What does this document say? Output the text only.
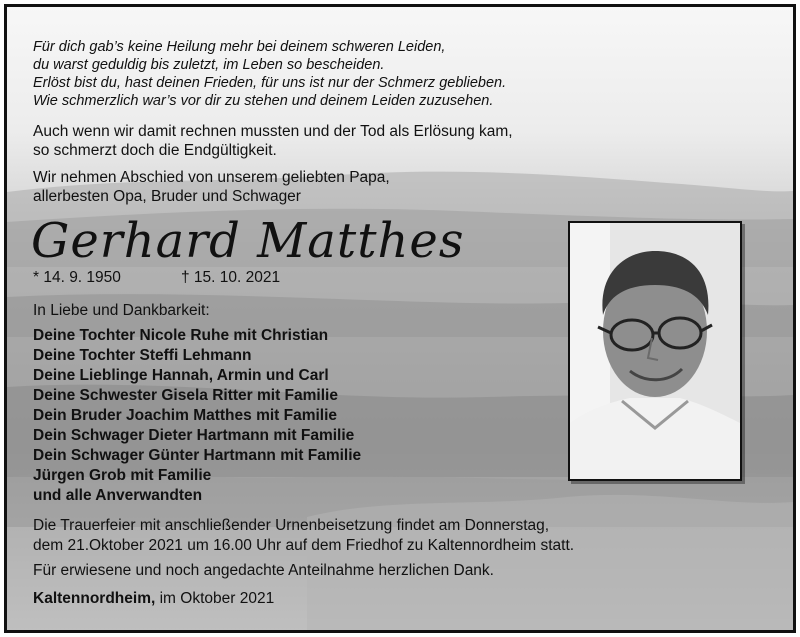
Für dich gab’s keine Heilung mehr bei deinem schweren Leiden,
du warst geduldig bis zuletzt, im Leben so bescheiden.
Erlöst bist du, hast deinen Frieden, für uns ist nur der Schmerz geblieben.
Wie schmerzlich war’s vor dir zu stehen und deinem Leiden zuzusehen.
Auch wenn wir damit rechnen mussten und der Tod als Erlösung kam,
so schmerzt doch die Endgültigkeit.
Wir nehmen Abschied von unserem geliebten Papa,
allerbesten Opa, Bruder und Schwager
Gerhard Matthes
* 14. 9. 1950	† 15. 10. 2021
In Liebe und Dankbarkeit:
Deine Tochter Nicole Ruhe mit Christian
Deine Tochter Steffi Lehmann
Deine Lieblinge Hannah, Armin und Carl
Deine Schwester Gisela Ritter mit Familie
Dein Bruder Joachim Matthes mit Familie
Dein Schwager Dieter Hartmann mit Familie
Dein Schwager Günter Hartmann mit Familie
Jürgen Grob mit Familie
und alle Anverwandten
Die Trauerfeier mit anschließender Urnenbeisetzung findet am Donnerstag,
dem 21.Oktober 2021 um 16.00 Uhr auf dem Friedhof zu Kaltennordheim statt.
Für erwiesene und noch angedachte Anteilnahme herzlichen Dank.
Kaltennordheim, im Oktober 2021
